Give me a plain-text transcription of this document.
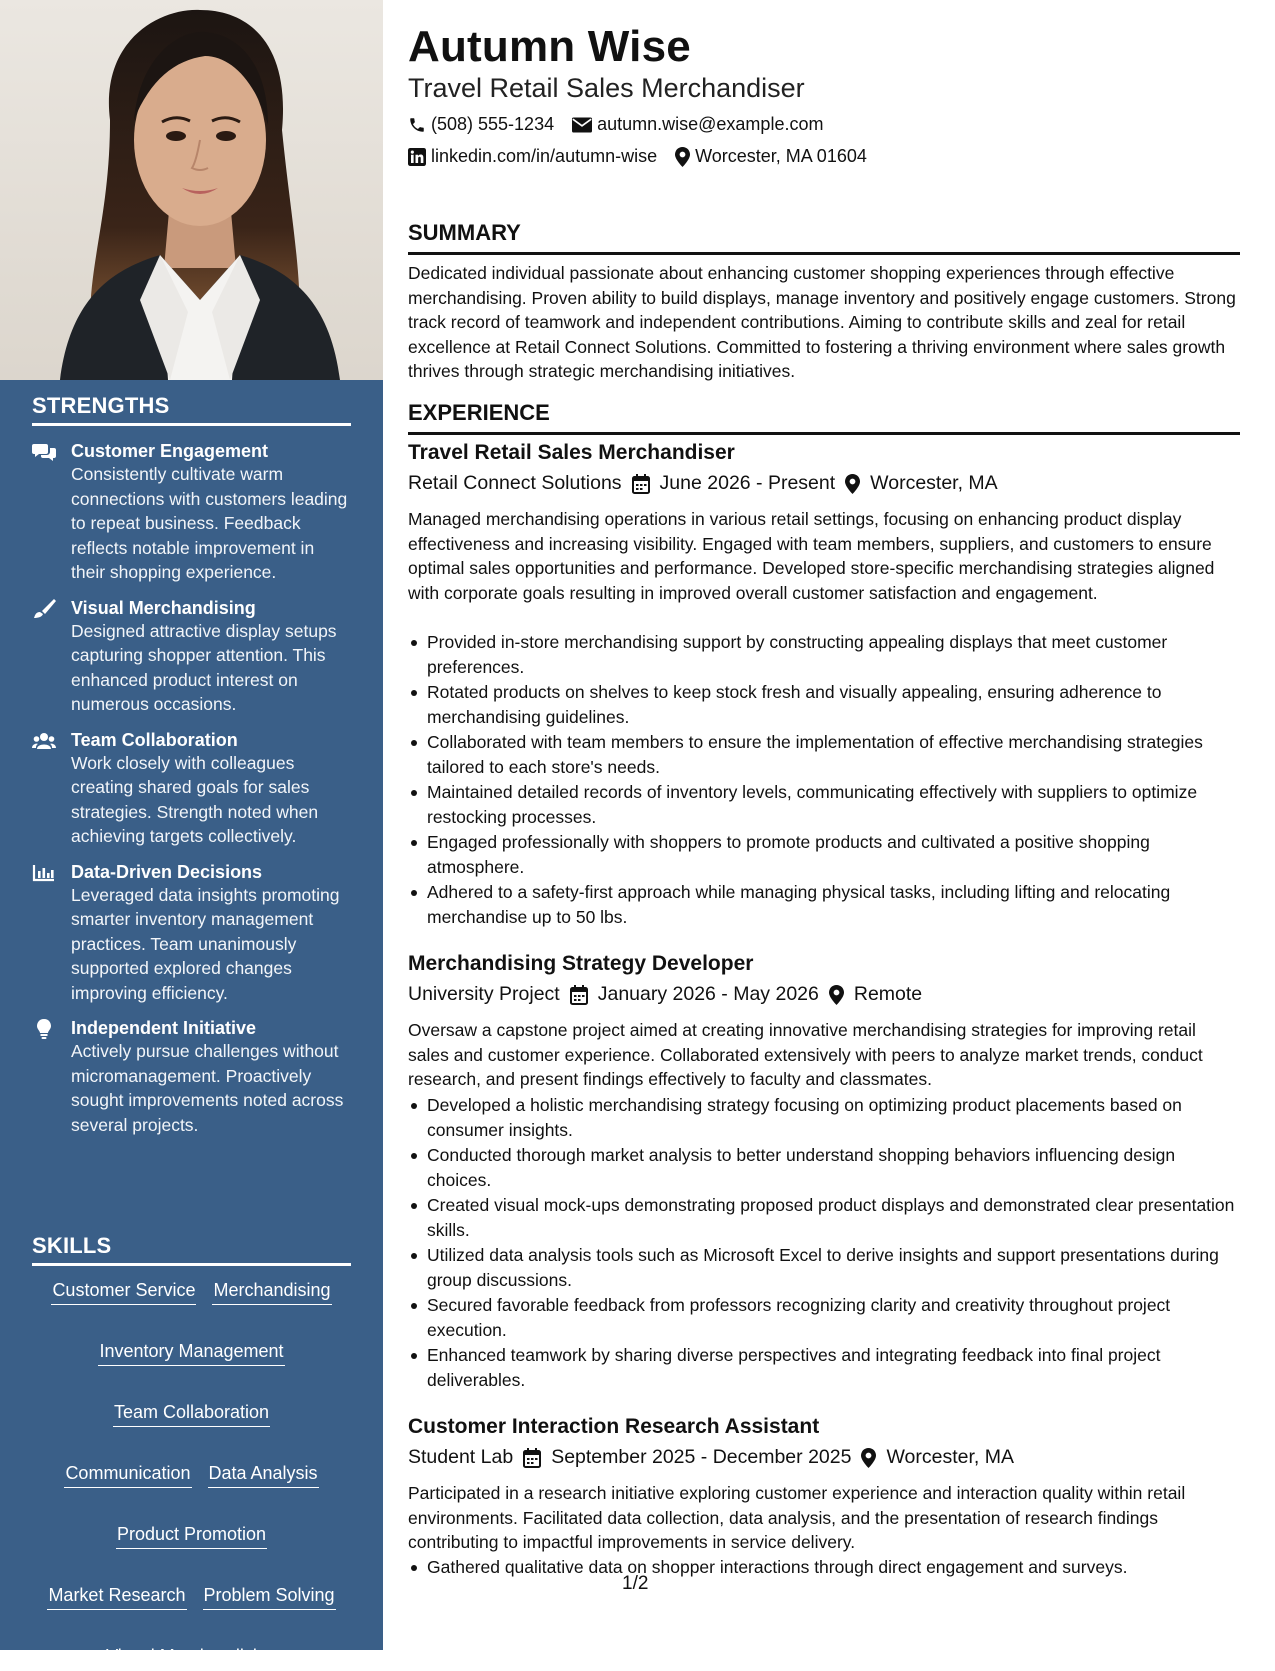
STRENGTHS
Customer Engagement
Consistently cultivate warm connections with customers leading to repeat business. Feedback reflects notable improvement in their shopping experience.
Visual Merchandising
Designed attractive display setups capturing shopper attention. This enhanced product interest on numerous occasions.
Team Collaboration
Work closely with colleagues creating shared goals for sales strategies. Strength noted when achieving targets collectively.
Data-Driven Decisions
Leveraged data insights promoting smarter inventory management practices. Team unanimously supported explored changes improving efficiency.
Independent Initiative
Actively pursue challenges without micromanagement. Proactively sought improvements noted across several projects.
SKILLS
Customer Service Merchandising
Inventory Management
Team Collaboration
Communication Data Analysis
Product Promotion
Market Research Problem Solving
Visual Merchandising
Autumn Wise
Travel Retail Sales Merchandiser
(508) 555-1234 autumn.wise@example.com
linkedin.com/in/autumn-wise Worcester, MA 01604
SUMMARY
Dedicated individual passionate about enhancing customer shopping experiences through effective merchandising. Proven ability to build displays, manage inventory and positively engage customers. Strong track record of teamwork and independent contributions. Aiming to contribute skills and zeal for retail excellence at Retail Connect Solutions. Committed to fostering a thriving environment where sales growth thrives through strategic merchandising initiatives.
EXPERIENCE
Travel Retail Sales Merchandiser
Retail Connect Solutions June 2026 - Present Worcester, MA
Managed merchandising operations in various retail settings, focusing on enhancing product display effectiveness and increasing visibility. Engaged with team members, suppliers, and customers to ensure optimal sales opportunities and performance. Developed store-specific merchandising strategies aligned with corporate goals resulting in improved overall customer satisfaction and engagement.
Provided in-store merchandising support by constructing appealing displays that meet customer preferences.
Rotated products on shelves to keep stock fresh and visually appealing, ensuring adherence to merchandising guidelines.
Collaborated with team members to ensure the implementation of effective merchandising strategies tailored to each store's needs.
Maintained detailed records of inventory levels, communicating effectively with suppliers to optimize restocking processes.
Engaged professionally with shoppers to promote products and cultivated a positive shopping atmosphere.
Adhered to a safety-first approach while managing physical tasks, including lifting and relocating merchandise up to 50 lbs.
Merchandising Strategy Developer
University Project January 2026 - May 2026 Remote
Oversaw a capstone project aimed at creating innovative merchandising strategies for improving retail sales and customer experience. Collaborated extensively with peers to analyze market trends, conduct research, and present findings effectively to faculty and classmates.
Developed a holistic merchandising strategy focusing on optimizing product placements based on consumer insights.
Conducted thorough market analysis to better understand shopping behaviors influencing design choices.
Created visual mock-ups demonstrating proposed product displays and demonstrated clear presentation skills.
Utilized data analysis tools such as Microsoft Excel to derive insights and support presentations during group discussions.
Secured favorable feedback from professors recognizing clarity and creativity throughout project execution.
Enhanced teamwork by sharing diverse perspectives and integrating feedback into final project deliverables.
Customer Interaction Research Assistant
Student Lab September 2025 - December 2025 Worcester, MA
Participated in a research initiative exploring customer experience and interaction quality within retail environments. Facilitated data collection, data analysis, and the presentation of research findings contributing to impactful improvements in service delivery.
Gathered qualitative data on shopper interactions through direct engagement and surveys.
1/2
